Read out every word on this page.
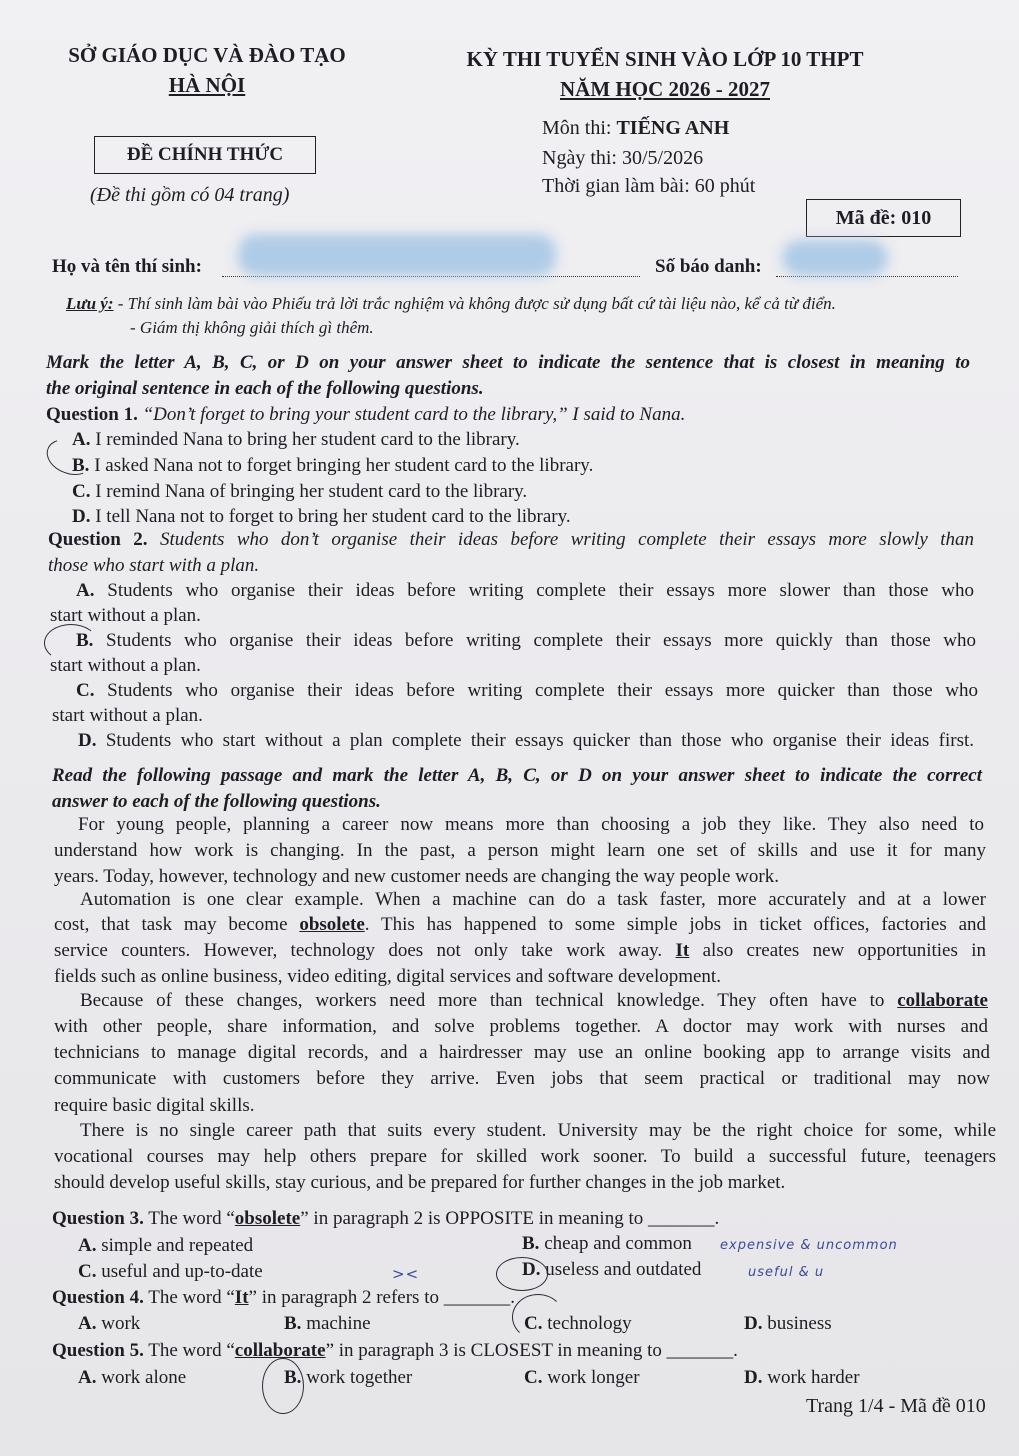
SỞ GIÁO DỤC VÀ ĐÀO TẠO
HÀ NỘI
KỲ THI TUYỂN SINH VÀO LỚP 10 THPT
NĂM HỌC 2026 - 2027
ĐỀ CHÍNH THỨC
(Đề thi gồm có 04 trang)
Môn thi: TIẾNG ANH
Ngày thi: 30/5/2026
Thời gian làm bài: 60 phút
Mã đề: 010
Họ và tên thí sinh:	Số báo danh:
Lưu ý: - Thí sinh làm bài vào Phiếu trả lời trắc nghiệm và không được sử dụng bất cứ tài liệu nào, kể cả từ điển.
- Giám thị không giải thích gì thêm.
Mark the letter A, B, C, or D on your answer sheet to indicate the sentence that is closest in meaning to
the original sentence in each of the following questions.
Question 1. “Don’t forget to bring your student card to the library,” I said to Nana.
A. I reminded Nana to bring her student card to the library.
B. I asked Nana not to forget bringing her student card to the library.
C. I remind Nana of bringing her student card to the library.
D. I tell Nana not to forget to bring her student card to the library.
Question 2. Students who don’t organise their ideas before writing complete their essays more slowly than
those who start with a plan.
A. Students who organise their ideas before writing complete their essays more slower than those who
start without a plan.
B. Students who organise their ideas before writing complete their essays more quickly than those who
start without a plan.
C. Students who organise their ideas before writing complete their essays more quicker than those who
start without a plan.
D. Students who start without a plan complete their essays quicker than those who organise their ideas first.
Read the following passage and mark the letter A, B, C, or D on your answer sheet to indicate the correct
answer to each of the following questions.
For young people, planning a career now means more than choosing a job they like. They also need to
understand how work is changing. In the past, a person might learn one set of skills and use it for many
years. Today, however, technology and new customer needs are changing the way people work.
Automation is one clear example. When a machine can do a task faster, more accurately and at a lower
cost, that task may become obsolete. This has happened to some simple jobs in ticket offices, factories and
service counters. However, technology does not only take work away. It also creates new opportunities in
fields such as online business, video editing, digital services and software development.
Because of these changes, workers need more than technical knowledge. They often have to collaborate
with other people, share information, and solve problems together. A doctor may work with nurses and
technicians to manage digital records, and a hairdresser may use an online booking app to arrange visits and
communicate with customers before they arrive. Even jobs that seem practical or traditional may now
require basic digital skills.
There is no single career path that suits every student. University may be the right choice for some, while
vocational courses may help others prepare for skilled work sooner. To build a successful future, teenagers
should develop useful skills, stay curious, and be prepared for further changes in the job market.
Question 3. The word “obsolete” in paragraph 2 is OPPOSITE in meaning to _______.
A. simple and repeated	B. cheap and common expensive & uncommon
C. useful and up-to-date	><	D. useless and outdated	useful & u
Question 4. The word “It” in paragraph 2 refers to _______.
A. work	B. machine	C. technology	D. business
Question 5. The word “collaborate” in paragraph 3 is CLOSEST in meaning to _______.
A. work alone	B. work together	C. work longer	D. work harder
Trang 1/4 - Mã đề 010
